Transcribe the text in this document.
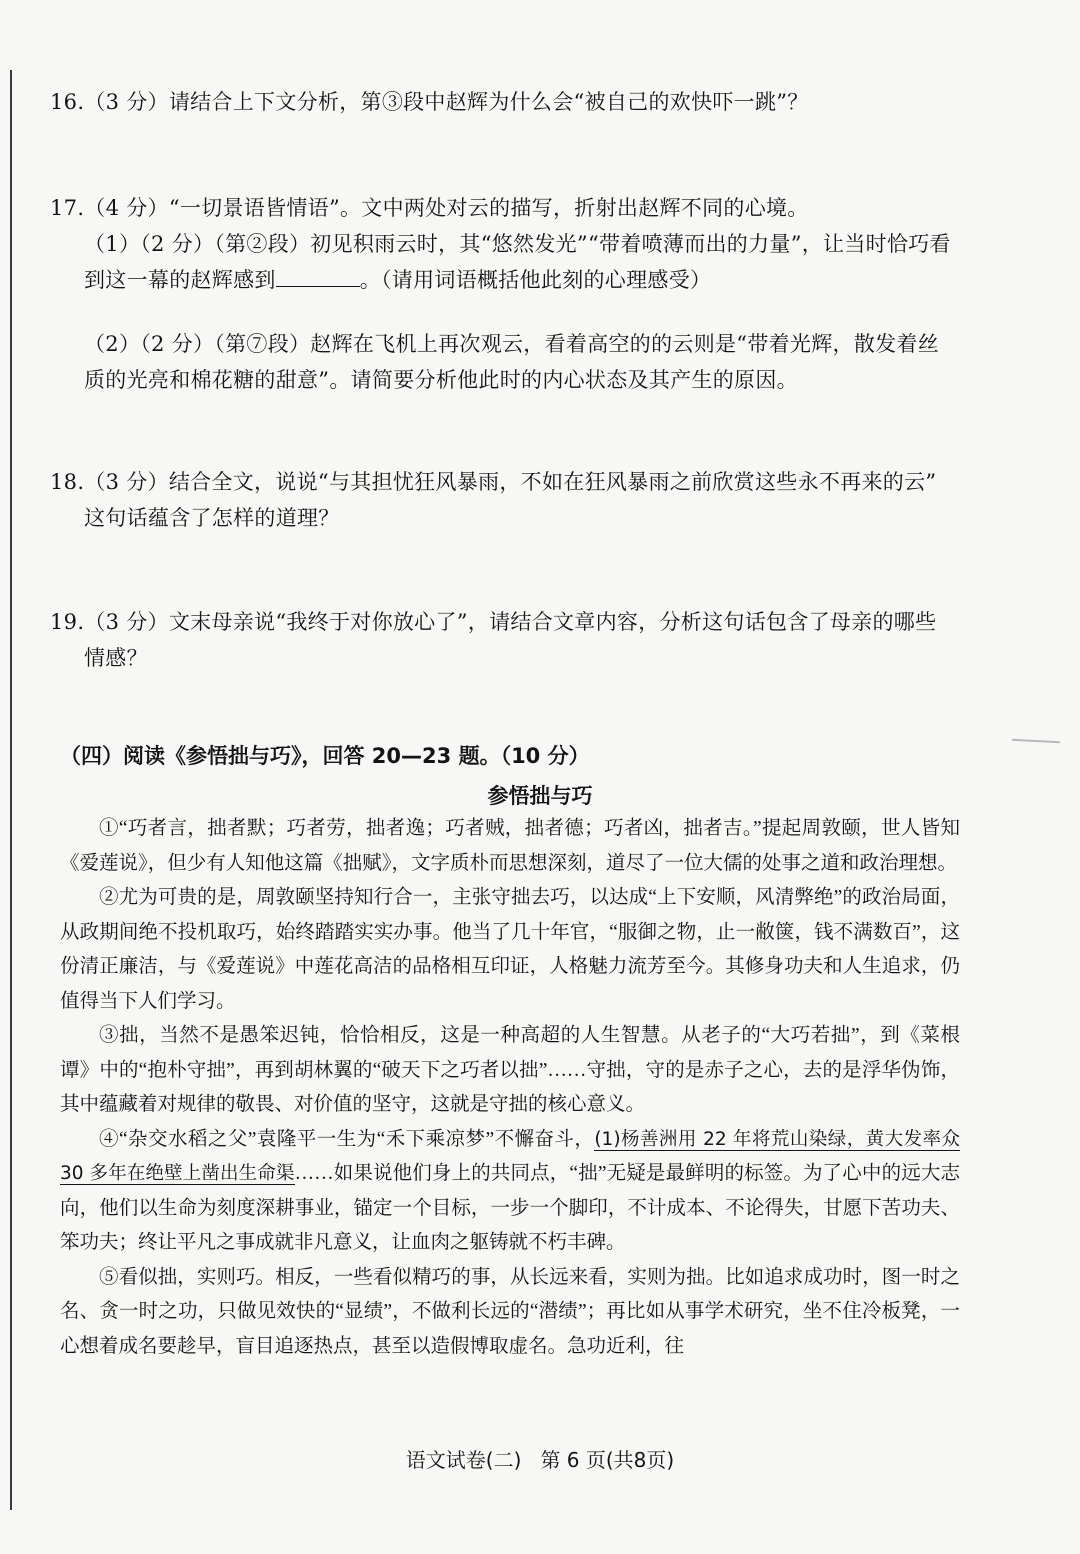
16.（3 分）请结合上下文分析，第③段中赵辉为什么会“被自己的欢快吓一跳”？
17.（4 分）“一切景语皆情语”。文中两处对云的描写，折射出赵辉不同的心境。
（1）（2 分）（第②段）初见积雨云时，其“悠然发光”“带着喷薄而出的力量”，让当时恰巧看
到这一幕的赵辉感到	。（请用词语概括他此刻的心理感受）
（2）（2 分）（第⑦段）赵辉在飞机上再次观云，看着高空的的云则是“带着光辉，散发着丝
质的光亮和棉花糖的甜意”。请简要分析他此时的内心状态及其产生的原因。
18.（3 分）结合全文，说说“与其担忧狂风暴雨，不如在狂风暴雨之前欣赏这些永不再来的云”
这句话蕴含了怎样的道理？
19.（3 分）文末母亲说“我终于对你放心了”，请结合文章内容，分析这句话包含了母亲的哪些
情感？
（四）阅读《参悟拙与巧》，回答 20—23 题。（10 分）
参悟拙与巧

①“巧者言，拙者默；巧者劳，拙者逸；巧者贼，拙者德；巧者凶，拙者吉。”提起周敦颐，世人皆知《爱莲说》，但少有人知他这篇《拙赋》，文字质朴而思想深刻，道尽了一位大儒的处事之道和政治理想。

②尤为可贵的是，周敦颐坚持知行合一，主张守拙去巧，以达成“上下安顺，风清弊绝”的政治局面，从政期间绝不投机取巧，始终踏踏实实办事。他当了几十年官，“服御之物，止一敝箧，钱不满数百”，这份清正廉洁，与《爱莲说》中莲花高洁的品格相互印证，人格魅力流芳至今。其修身功夫和人生追求，仍值得当下人们学习。

③拙，当然不是愚笨迟钝，恰恰相反，这是一种高超的人生智慧。从老子的“大巧若拙”，到《菜根谭》中的“抱朴守拙”，再到胡林翼的“破天下之巧者以拙”……守拙，守的是赤子之心，去的是浮华伪饰，其中蕴藏着对规律的敬畏、对价值的坚守，这就是守拙的核心意义。

④“杂交水稻之父”袁隆平一生为“禾下乘凉梦”不懈奋斗，(1)杨善洲用 22 年将荒山染绿，黄大发率众 30 多年在绝壁上凿出生命渠……如果说他们身上的共同点，“拙”无疑是最鲜明的标签。为了心中的远大志向，他们以生命为刻度深耕事业，锚定一个目标，一步一个脚印，不计成本、不论得失，甘愿下苦功夫、笨功夫；终让平凡之事成就非凡意义，让血肉之躯铸就不朽丰碑。

⑤看似拙，实则巧。相反，一些看似精巧的事，从长远来看，实则为拙。比如追求成功时，图一时之名、贪一时之功，只做见效快的“显绩”，不做利长远的“潜绩”；再比如从事学术研究，坐不住冷板凳，一心想着成名要趁早，盲目追逐热点，甚至以造假博取虚名。急功近利，往

语文试卷(二)   第 6 页(共8页)
